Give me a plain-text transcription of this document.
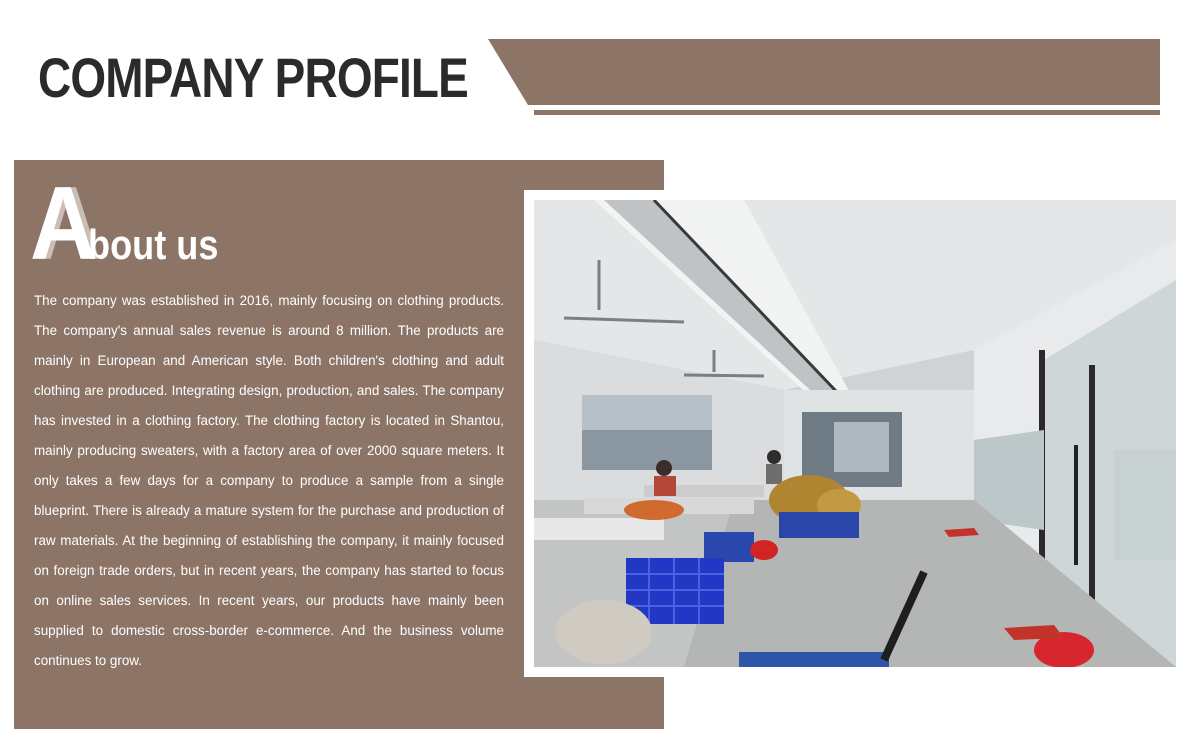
COMPANY PROFILE
A
bout us
The company was established in 2016, mainly focusing on clothing products. The company's annual sales revenue is around 8 million. The products are mainly in European and American style. Both children's clothing and adult clothing are produced. Integrating design, production, and sales. The company has invested in a clothing factory. The clothing factory is located in Shantou, mainly producing sweaters, with a factory area of over 2000 square meters. It only takes a few days for a company to produce a sample from a single blueprint. There is already a mature system for the purchase and production of raw materials. At the beginning of establishing the company, it mainly focused on foreign trade orders, but in recent years, the company has started to focus on online sales services. In recent years, our products have mainly been supplied to domestic cross-border e-commerce. And the business volume continues to grow.
